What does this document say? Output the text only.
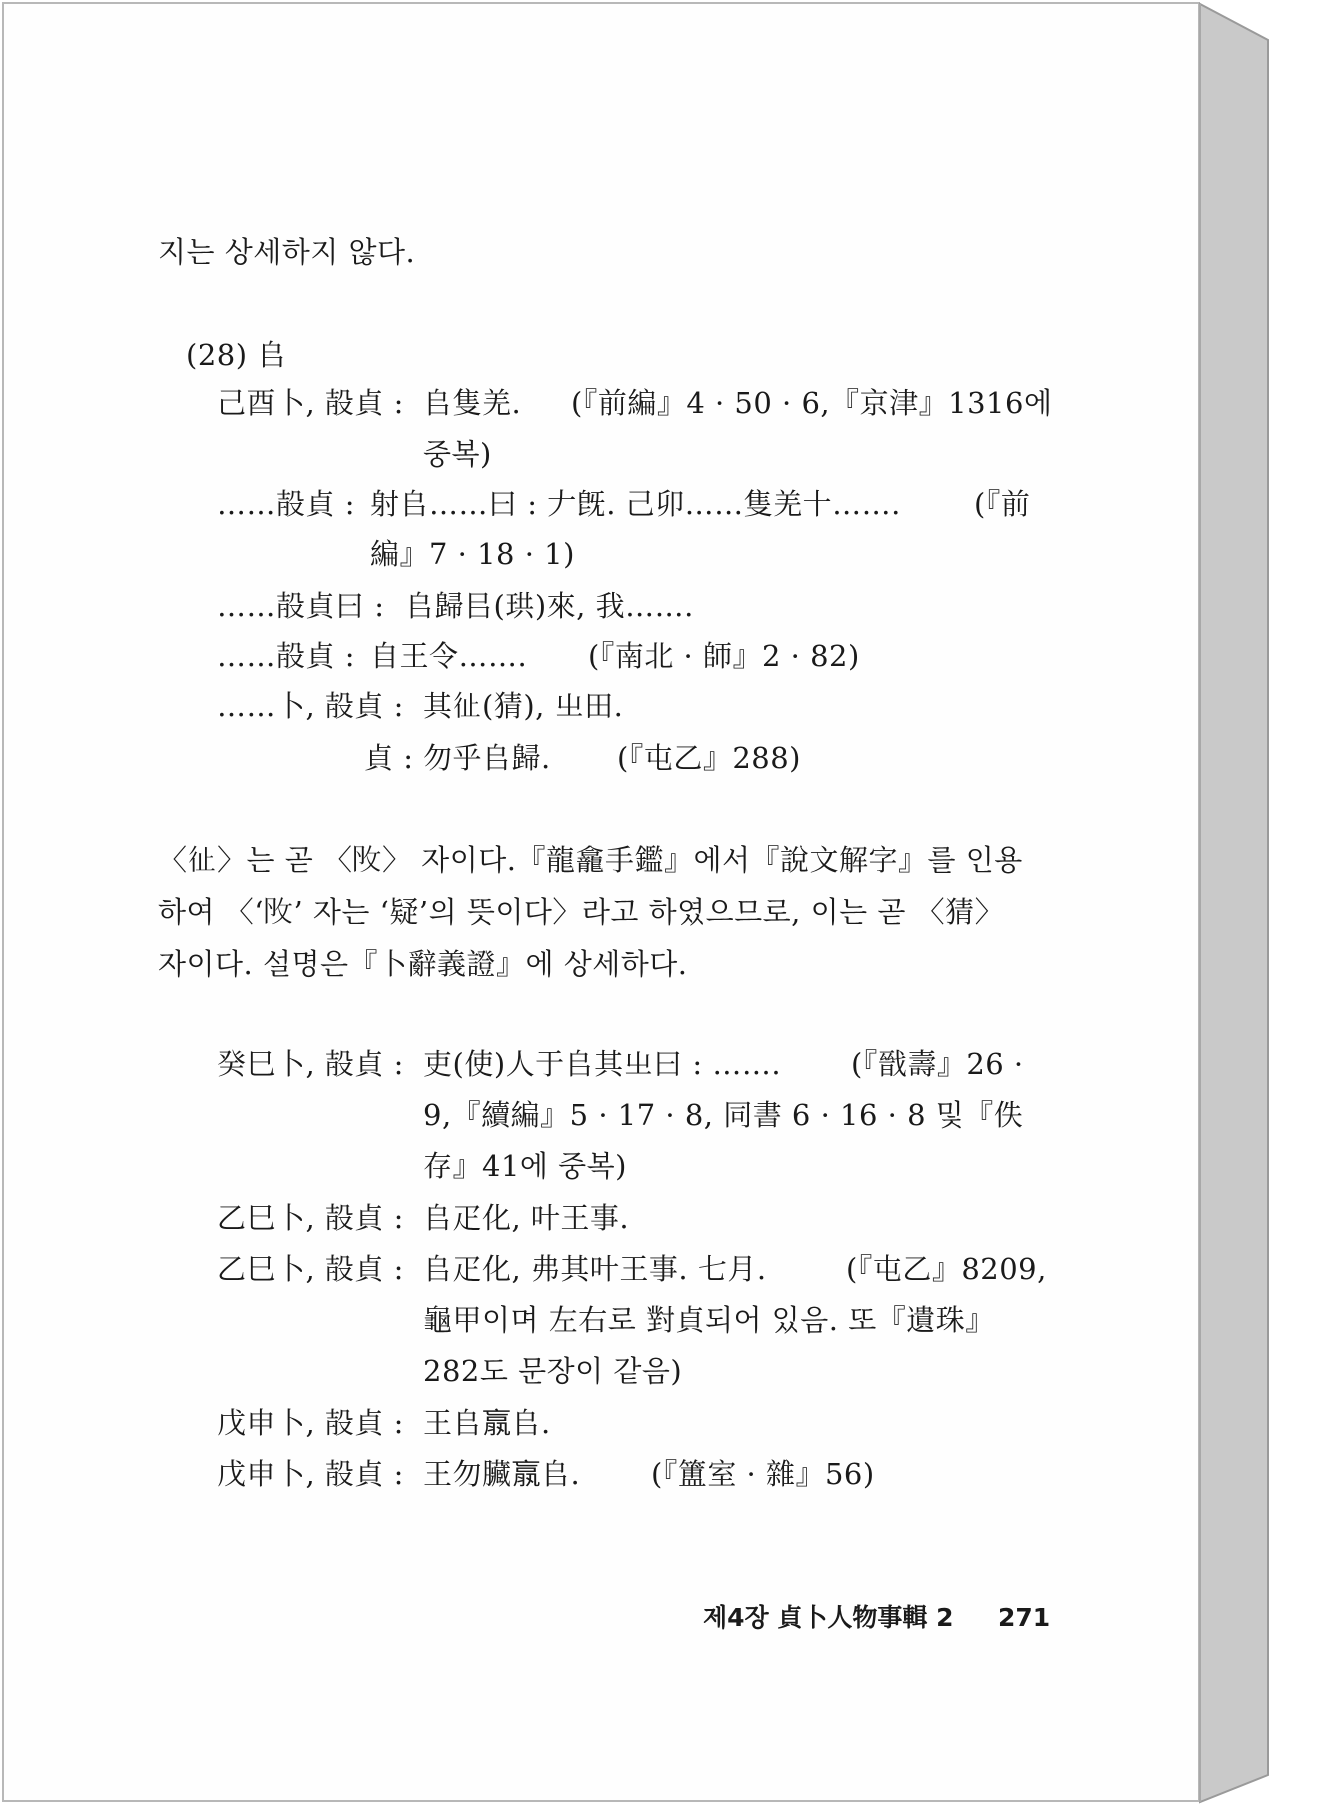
지는 상세하지 않다.
(28) 𠂤
己酉卜, 㱿貞 : 𠂤隻羌. (『前編』4 · 50 · 6,『京津』1316에
중복)
……㱿貞 : 射𠂤……曰 : 𠂇旣. 己卯……隻羌十…….	(『前
編』7 · 18 · 1)
……㱿貞曰 : 𠂤歸㠯(珙)來, 我…….
……㱿貞 : 自王令……. (『南北 · 師』2 · 82)
……卜, 㱿貞 : 其𢓊(猜), 㞢田.
貞 : 勿乎𠂤歸. (『屯乙』288)
〈𢓊〉는 곧 〈𢻮〉 자이다.『龍龕手鑑』에서『說文解字』를 인용
하여 〈‘𢻮’ 자는 ‘疑’의 뜻이다〉라고 하였으므로, 이는 곧 〈猜〉
자이다. 설명은『卜辭義證』에 상세하다.
癸巳卜, 㱿貞 : 吏(使)人于𠂤其㞢曰 : ……. (『戩壽』26 ·
9,『續編』5 · 17 · 8, 同書 6 · 16 · 8 및『佚
存』41에 중복)
乙巳卜, 㱿貞 : 𠂤疋化, 叶王事.
乙巳卜, 㱿貞 : 𠂤疋化, 弗其叶王事. 七月.	(『屯乙』8209,
龜甲이며 左右로 對貞되어 있음. 또『遺珠』
282도 문장이 같음)
戊申卜, 㱿貞 : 王𠂤𣎆𠂤.
戊申卜, 㱿貞 : 王勿臟𣎆𠂤. (『簠室 · 雜』56)
제4장 貞卜人物事輯 2 271
